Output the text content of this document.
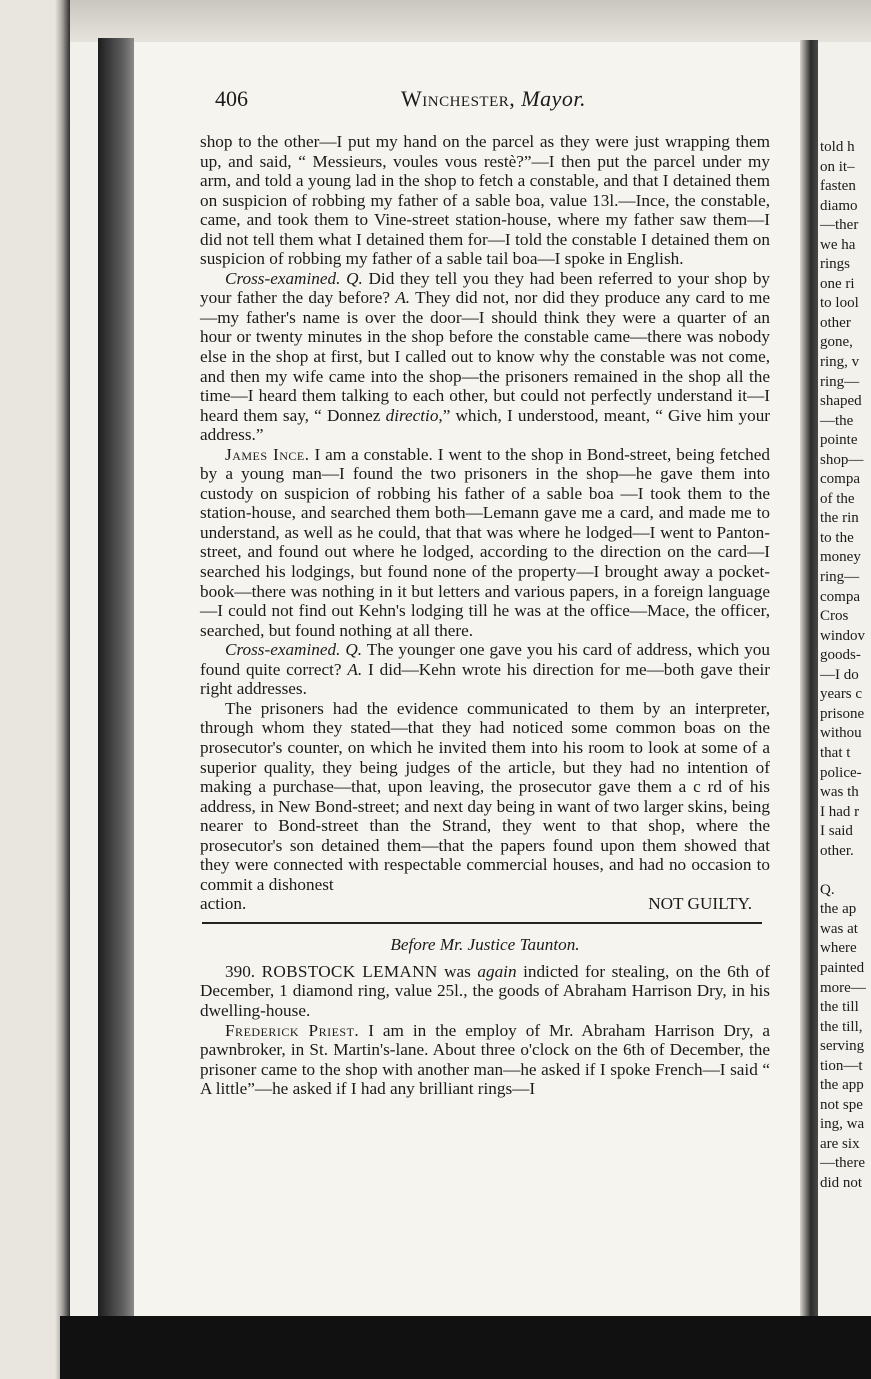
told h
on it–
fasten
diamo
—ther
we ha
rings
one ri
to lool
other
gone,
ring, v
ring—
shaped
—the
pointe
shop—
compa
of the
the rin
to the
money
ring—
compa
Cros
windov
goods-
—I do
years c
prisone
withou
that t
police-
was th
I had r
I said
other.

Q.
the ap
was at
where
painted
more—
the till
the till,
serving
tion—t
the app
not spe
ing, wa
are six
—there
did not
406	Winchester, Mayor.

shop to the other—I put my hand on the parcel as they were just wrapping them up, and said, “ Messieurs, voules vous restè?”—I then put the parcel under my arm, and told a young lad in the shop to fetch a constable, and that I detained them on suspicion of robbing my father of a sable boa, value 13l.—Ince, the constable, came, and took them to Vine-street station-house, where my father saw them—I did not tell them what I detained them for—I told the constable I detained them on suspicion of robbing my father of a sable tail boa—I spoke in English.

Cross-examined. Q. Did they tell you they had been referred to your shop by your father the day before? A. They did not, nor did they produce any card to me—my father's name is over the door—I should think they were a quarter of an hour or twenty minutes in the shop before the constable came—there was nobody else in the shop at first, but I called out to know why the constable was not come, and then my wife came into the shop—the prisoners remained in the shop all the time—I heard them talking to each other, but could not perfectly understand it—I heard them say, “ Donnez directio,” which, I understood, meant, “ Give him your address.”

James Ince. I am a constable. I went to the shop in Bond-street, being fetched by a young man—I found the two prisoners in the shop—he gave them into custody on suspicion of robbing his father of a sable boa —I took them to the station-house, and searched them both—Lemann gave me a card, and made me to understand, as well as he could, that that was where he lodged—I went to Panton-street, and found out where he lodged, according to the direction on the card—I searched his lodgings, but found none of the property—I brought away a pocket-book—there was nothing in it but letters and various papers, in a foreign language—I could not find out Kehn's lodging till he was at the office—Mace, the officer, searched, but found nothing at all there.

Cross-examined. Q. The younger one gave you his card of address, which you found quite correct? A. I did—Kehn wrote his direction for me—both gave their right addresses.

The prisoners had the evidence communicated to them by an interpreter, through whom they stated—that they had noticed some common boas on the prosecutor's counter, on which he invited them into his room to look at some of a superior quality, they being judges of the article, but they had no intention of making a purchase—that, upon leaving, the prosecutor gave them a c rd of his address, in New Bond-street; and next day being in want of two larger skins, being nearer to Bond-street than the Strand, they went to that shop, where the prosecutor's son detained them—that the papers found upon them showed that they were connected with respectable commercial houses, and had no occasion to commit a dishonest

action.	NOT GUILTY.
Before Mr. Justice Taunton.

390. ROBSTOCK LEMANN was again indicted for stealing, on the 6th of December, 1 diamond ring, value 25l., the goods of Abraham Harrison Dry, in his dwelling-house.

Frederick Priest. I am in the employ of Mr. Abraham Harrison Dry, a pawnbroker, in St. Martin's-lane. About three o'clock on the 6th of December, the prisoner came to the shop with another man—he asked if I spoke French—I said “ A little”—he asked if I had any brilliant rings—I
